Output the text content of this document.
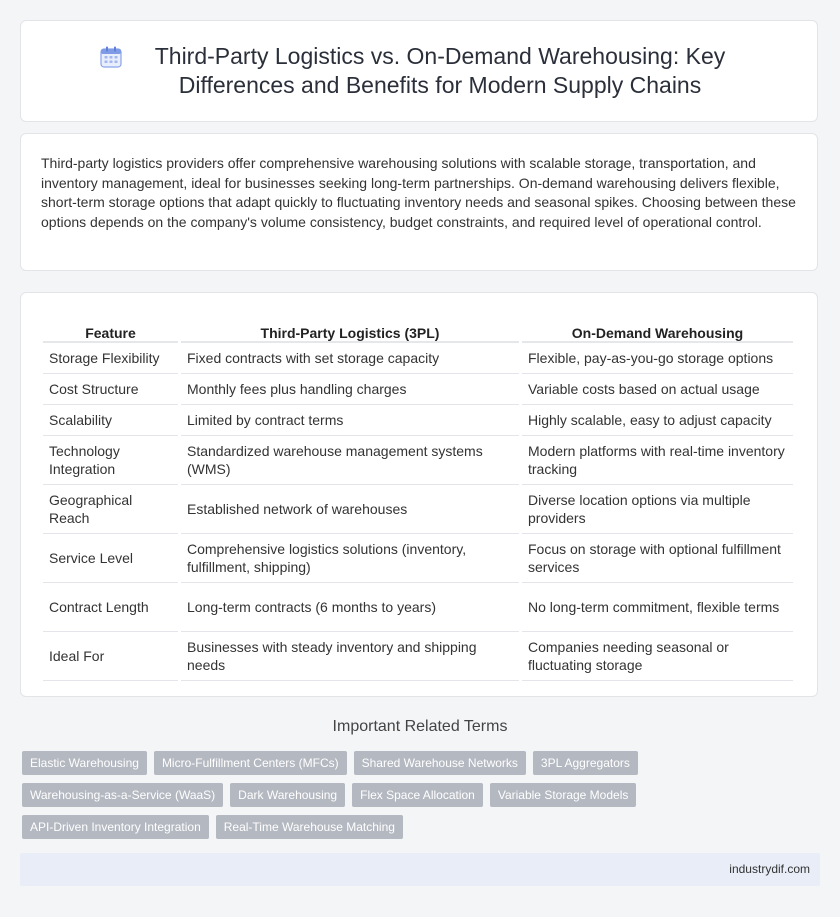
Third-Party Logistics vs. On-Demand Warehousing: Key Differences and Benefits for Modern Supply Chains

Third-party logistics providers offer comprehensive warehousing solutions with scalable storage, transportation, and inventory management, ideal for businesses seeking long-term partnerships. On-demand warehousing delivers flexible, short-term storage options that adapt quickly to fluctuating inventory needs and seasonal spikes. Choosing between these options depends on the company's volume consistency, budget constraints, and required level of operational control.

Feature	Third-Party Logistics (3PL)	On-Demand Warehousing
Storage Flexibility	Fixed contracts with set storage capacity	Flexible, pay-as-you-go storage options
Cost Structure	Monthly fees plus handling charges	Variable costs based on actual usage
Scalability	Limited by contract terms	Highly scalable, easy to adjust capacity
Technology Integration	Standardized warehouse management systems (WMS)	Modern platforms with real-time inventory tracking
Geographical Reach	Established network of warehouses	Diverse location options via multiple providers
Service Level	Comprehensive logistics solutions (inventory, fulfillment, shipping)	Focus on storage with optional fulfillment services
Contract Length	Long-term contracts (6 months to years)	No long-term commitment, flexible terms
Ideal For	Businesses with steady inventory and shipping needs	Companies needing seasonal or fluctuating storage
Important Related Terms
Elastic Warehousing	Micro-Fulfillment Centers (MFCs)	Shared Warehouse Networks	3PL Aggregators
Warehousing-as-a-Service (WaaS)	Dark Warehousing	Flex Space Allocation	Variable Storage Models
API-Driven Inventory Integration	Real-Time Warehouse Matching
industrydif.com
